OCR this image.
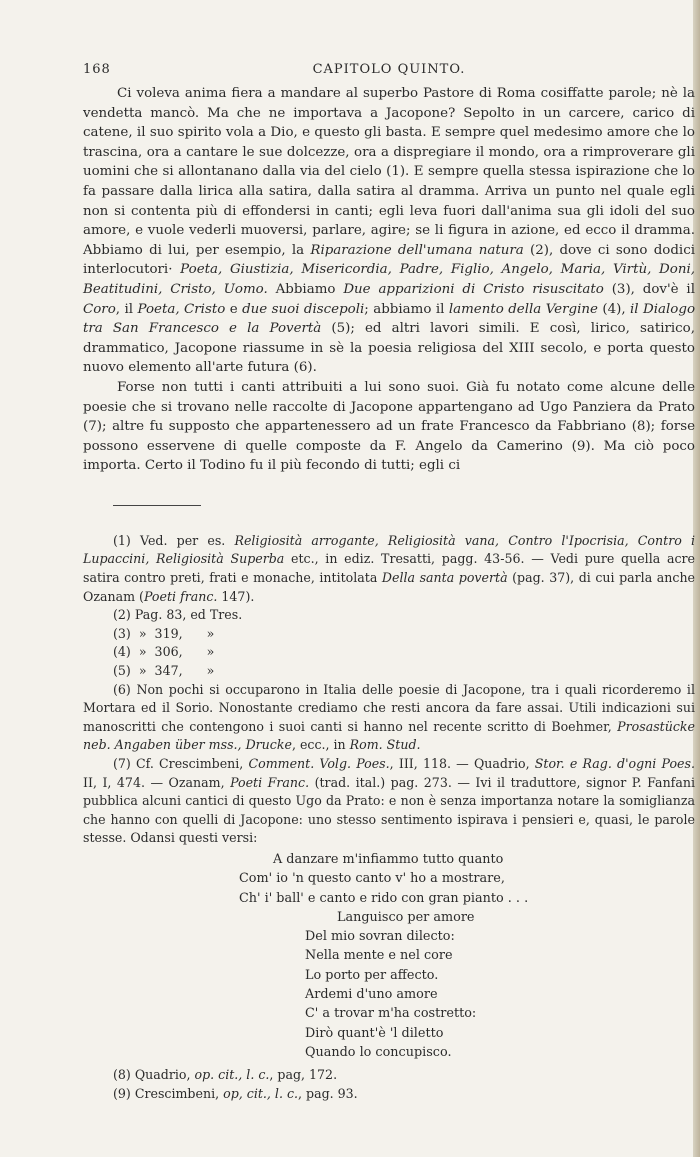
168	CAPITOLO QUINTO.

Ci voleva anima fiera a mandare al superbo Pastore di Roma cosiffatte parole; nè la vendetta mancò. Ma che ne importava a Jacopone? Sepolto in un carcere, carico di catene, il suo spirito vola a Dio, e questo gli basta. E sempre quel medesimo amore che lo trascina, ora a cantare le sue dolcezze, ora a dispregiare il mondo, ora a rimproverare gli uomini che si allontanano dalla via del cielo (1). E sempre quella stessa ispirazione che lo fa passare dalla lirica alla satira, dalla satira al dramma. Arriva un punto nel quale egli non si contenta più di effondersi in canti; egli leva fuori dall'anima sua gli idoli del suo amore, e vuole vederli muoversi, parlare, agire; se li figura in azione, ed ecco il dramma. Abbiamo di lui, per esempio, la Riparazione dell'umana natura (2), dove ci sono dodici interlocutori· Poeta, Giustizia, Misericordia, Padre, Figlio, Angelo, Maria, Virtù, Doni, Beatitudini, Cristo, Uomo. Abbiamo Due apparizioni di Cristo risuscitato (3), dov'è il Coro, il Poeta, Cristo e due suoi discepoli; abbiamo il lamento della Vergine (4), il Dialogo tra San Francesco e la Povertà (5); ed altri lavori simili. E così, lirico, satirico, drammatico, Jacopone riassume in sè la poesia religiosa del XIII secolo, e porta questo nuovo elemento all'arte futura (6).

Forse non tutti i canti attribuiti a lui sono suoi. Già fu notato come alcune delle poesie che si trovano nelle raccolte di Jacopone appartengano ad Ugo Panziera da Prato (7); altre fu supposto che appartenessero ad un frate Francesco da Fabbriano (8); forse possono esservene di quelle composte da F. Angelo da Camerino (9). Ma ciò poco importa. Certo il Todino fu il più fecondo di tutti; egli ci

(1) Ved. per es. Religiosità arrogante, Religiosità vana, Contro l'Ipocrisia, Contro i Lupaccini, Religiosità Superba etc., in ediz. Tresatti, pagg. 43-56. — Vedi pure quella acre satira contro preti, frati e monache, intitolata Della santa povertà (pag. 37), di cui parla anche Ozanam (Poeti franc. 147).

(2) Pag. 83, ed Tres.

(3)  »  319,      »

(4)  »  306,      »

(5)  »  347,      »

(6) Non pochi si occuparono in Italia delle poesie di Jacopone, tra i quali ricorderemo il Mortara ed il Sorio. Nonostante crediamo che resti ancora da fare assai. Utili indicazioni sui manoscritti che contengono i suoi canti si hanno nel recente scritto di Boehmer, Prosastücke neb. Angaben über mss., Drucke, ecc., in Rom. Stud.

(7) Cf. Crescimbeni, Comment. Volg. Poes., III, 118. — Quadrio, Stor. e Rag. d'ogni Poes. II, I, 474. — Ozanam, Poeti Franc. (trad. ital.) pag. 273. — Ivi il traduttore, signor P. Fanfani pubblica alcuni cantici di questo Ugo da Prato: e non è senza importanza notare la somiglianza che hanno con quelli di Jacopone: uno stesso sentimento ispirava i pensieri e, quasi, le parole stesse. Odansi questi versi:

A danzare m'infiammo tutto quanto
Com' io 'n questo canto v' ho a mostrare,
Ch' i' ball' e canto e rido con gran pianto . . .
Languisco per amore
Del mio sovran dilecto:
Nella mente e nel core
Lo porto per affecto.
Ardemi d'uno amore
C' a trovar m'ha costretto:
Dirò quant'è 'l diletto
Quando lo concupisco.

(8) Quadrio, op. cit., l. c., pag, 172.

(9) Crescimbeni, op, cit., l. c., pag. 93.
